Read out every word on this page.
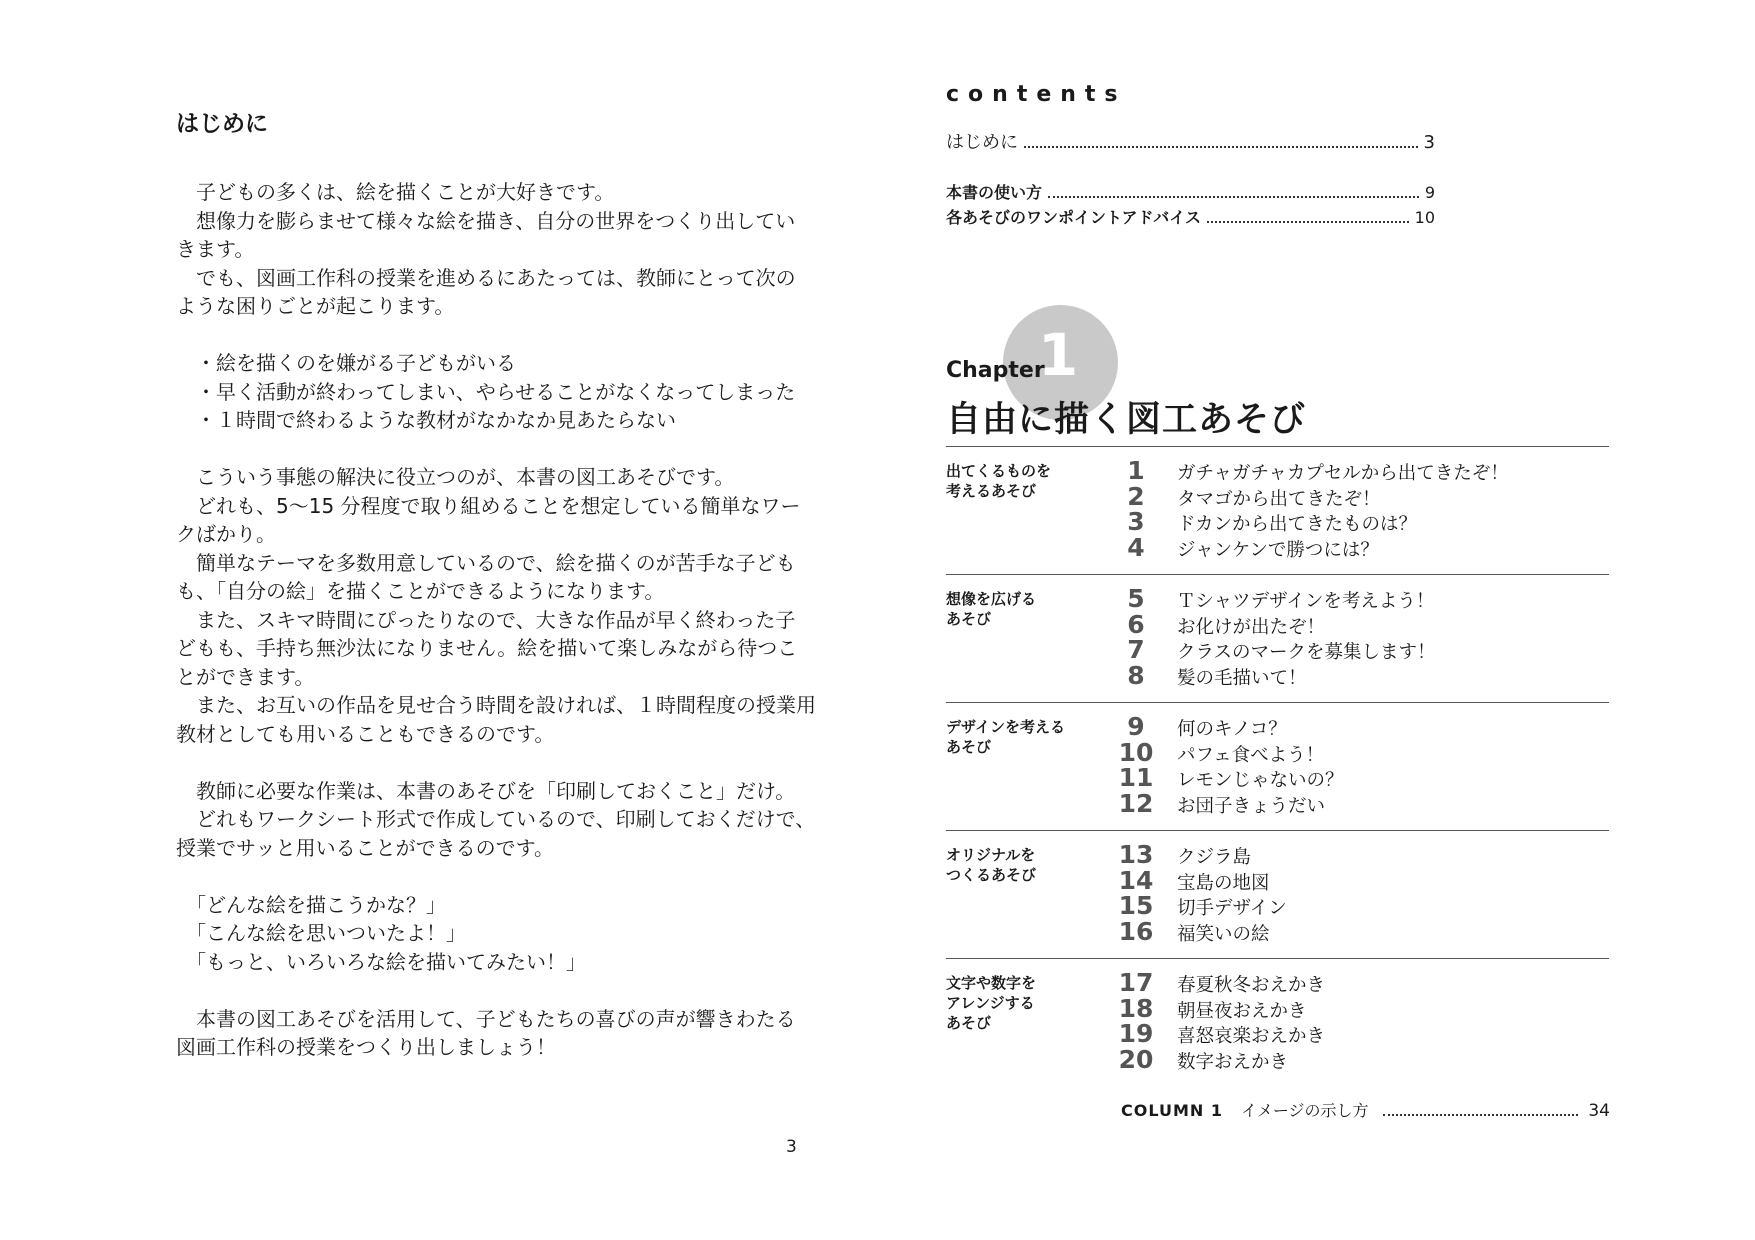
はじめに

　子どもの多くは、絵を描くことが大好きです。
　想像力を膨らませて様々な絵を描き、自分の世界をつくり出してい
きます。
　でも、図画工作科の授業を進めるにあたっては、教師にとって次の
ような困りごとが起こります。

　・絵を描くのを嫌がる子どもがいる
　・早く活動が終わってしまい、やらせることがなくなってしまった
　・１時間で終わるような教材がなかなか見あたらない

　こういう事態の解決に役立つのが、本書の図工あそびです。
　どれも、5〜15 分程度で取り組めることを想定している簡単なワー
クばかり。
　簡単なテーマを多数用意しているので、絵を描くのが苦手な子ども
も、「自分の絵」を描くことができるようになります。
　また、スキマ時間にぴったりなので、大きな作品が早く終わった子
どもも、手持ち無沙汰になりません。絵を描いて楽しみながら待つこ
とができます。
　また、お互いの作品を見せ合う時間を設ければ、１時間程度の授業用
教材としても用いることもできるのです。

　教師に必要な作業は、本書のあそびを「印刷しておくこと」だけ。
　どれもワークシート形式で作成しているので、印刷しておくだけで、
授業でサッと用いることができるのです。

　「どんな絵を描こうかな？」
　「こんな絵を思いついたよ！」
　「もっと、いろいろな絵を描いてみたい！」

　本書の図工あそびを活用して、子どもたちの喜びの声が響きわたる
図画工作科の授業をつくり出しましょう！

3
contents
はじめに	3
本書の使い方	9
各あそびのワンポイントアドバイス	10
1
Chapter
自由に描く図工あそび
出てくるものを
考えるあそび
1	ガチャガチャカプセルから出てきたぞ！
2	タマゴから出てきたぞ！
3	ドカンから出てきたものは？
4	ジャンケンで勝つには？
想像を広げる
あそび
5	Ｔシャツデザインを考えよう！
6	お化けが出たぞ！
7	クラスのマークを募集します！
8	髪の毛描いて！
デザインを考える
あそび
9	何のキノコ？
10	パフェ食べよう！
11	レモンじゃないの？
12	お団子きょうだい
オリジナルを
つくるあそび
13	クジラ島
14	宝島の地図
15	切手デザイン
16	福笑いの絵
文字や数字を
アレンジする
あそび
17	春夏秋冬おえかき
18	朝昼夜おえかき
19	喜怒哀楽おえかき
20	数字おえかき
COLUMN 1 イメージの示し方	34
